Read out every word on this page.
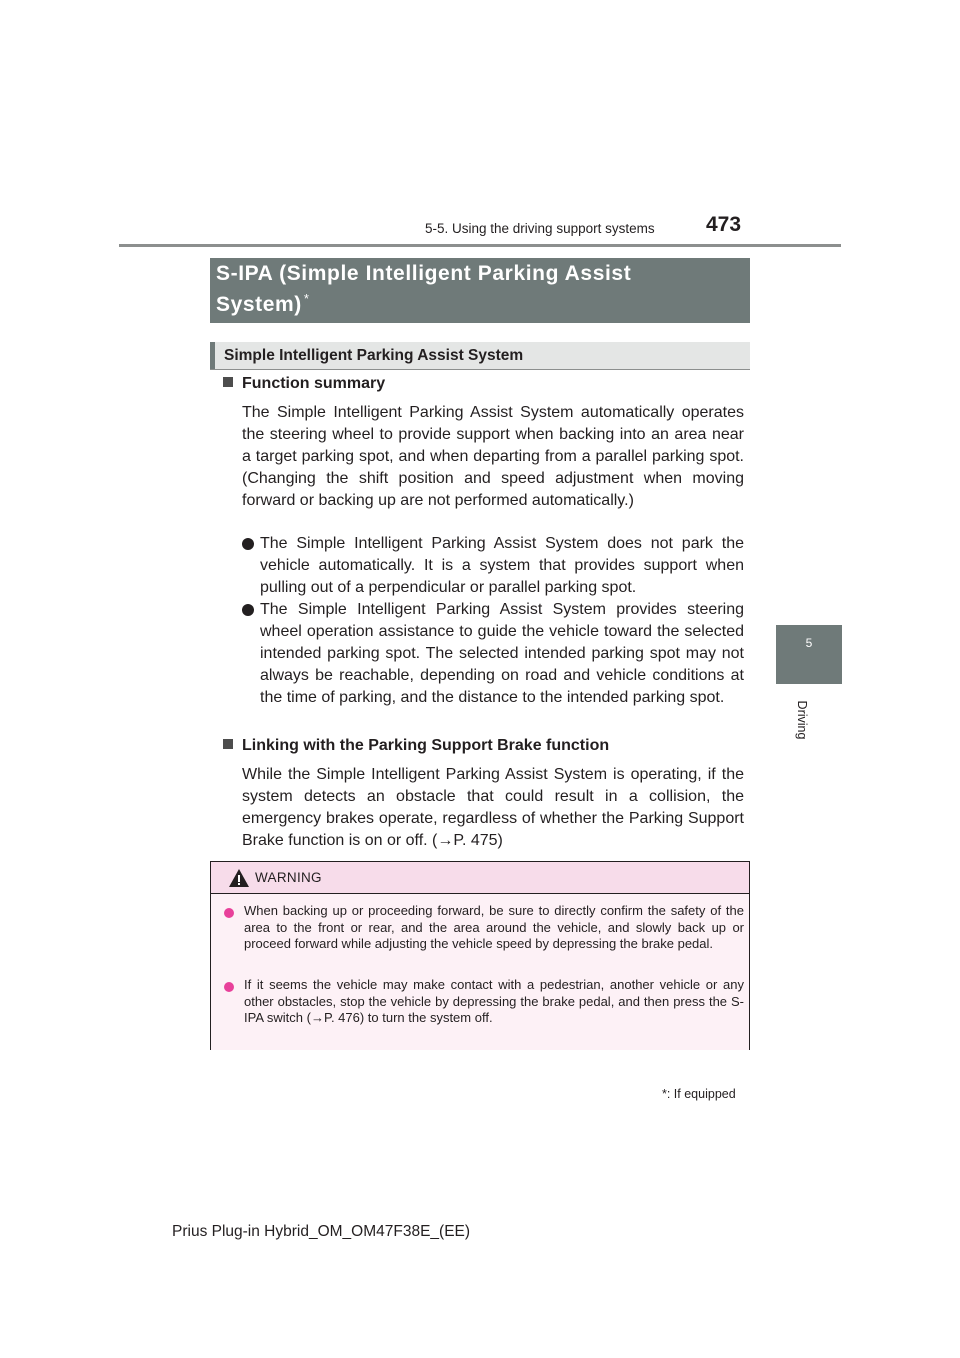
5-5. Using the driving support systems 473
5
Driving
S-IPA (Simple Intelligent Parking Assist
System) *
Simple Intelligent Parking Assist System
Function summary
The Simple Intelligent Parking Assist System automatically operates the steering wheel to provide support when backing into an area near a target parking spot, and when departing from a parallel parking spot. (Changing the shift position and speed adjustment when moving forward or backing up are not performed automatically.)
The Simple Intelligent Parking Assist System does not park the vehicle automatically. It is a system that provides support when pulling out of a perpendicular or parallel parking spot.
The Simple Intelligent Parking Assist System provides steering wheel operation assistance to guide the vehicle toward the selected intended parking spot. The selected intended parking spot may not always be reachable, depending on road and vehicle conditions at the time of parking, and the distance to the intended parking spot.
Linking with the Parking Support Brake function
While the Simple Intelligent Parking Assist System is operating, if the system detects an obstacle that could result in a collision, the emergency brakes operate, regardless of whether the Parking Support Brake function is on or off. (→P. 475)
WARNING
When backing up or proceeding forward, be sure to directly confirm the safety of the area to the front or rear, and the area around the vehicle, and slowly back up or proceed forward while adjusting the vehicle speed by depressing the brake pedal.
If it seems the vehicle may make contact with a pedestrian, another vehicle or any other obstacles, stop the vehicle by depressing the brake pedal, and then press the S-IPA switch (→P. 476) to turn the system off.
*: If equipped
Prius Plug-in Hybrid_OM_OM47F38E_(EE)
